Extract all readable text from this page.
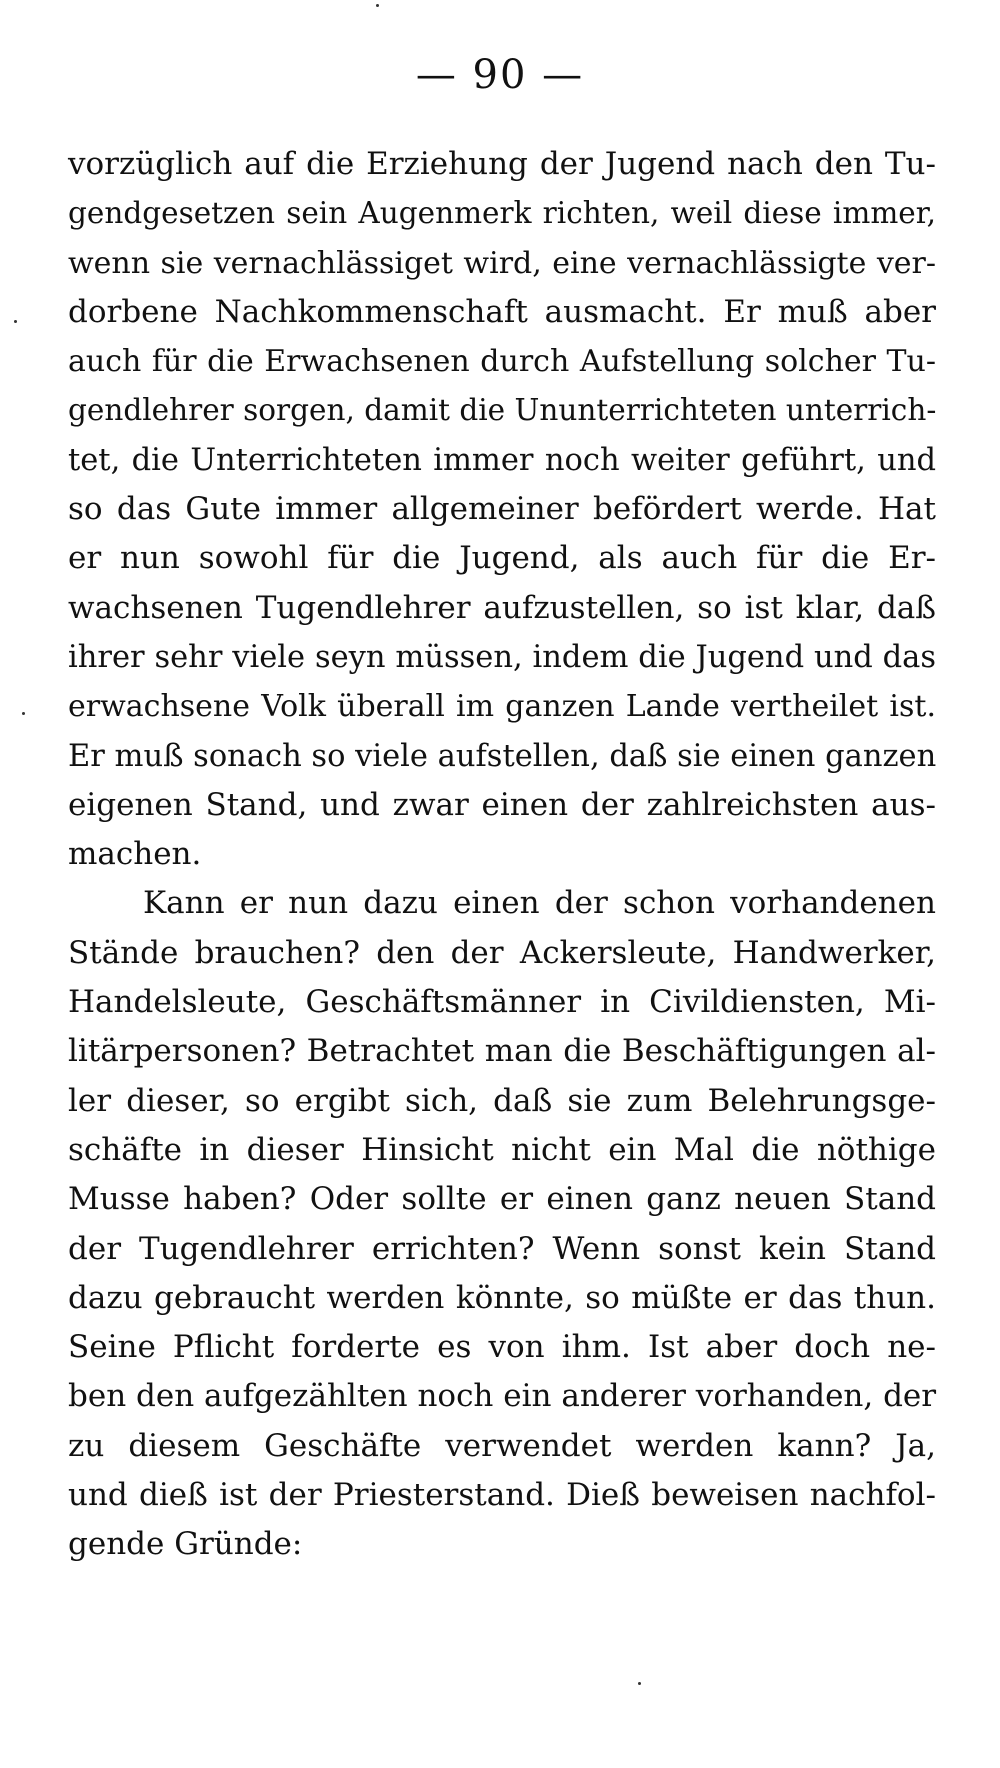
— 90 —
vorzüglich auf die Erziehung der Jugend nach den Tu-
gendgesetzen sein Augenmerk richten, weil diese immer,
wenn sie vernachlässiget wird, eine vernachlässigte ver-
dorbene Nachkommenschaft ausmacht. Er muß aber
auch für die Erwachsenen durch Aufstellung solcher Tu-
gendlehrer sorgen, damit die Ununterrichteten unterrich-
tet, die Unterrichteten immer noch weiter geführt, und
so das Gute immer allgemeiner befördert werde. Hat
er nun sowohl für die Jugend, als auch für die Er-
wachsenen Tugendlehrer aufzustellen, so ist klar, daß
ihrer sehr viele seyn müssen, indem die Jugend und das
erwachsene Volk überall im ganzen Lande vertheilet ist.
Er muß sonach so viele aufstellen, daß sie einen ganzen
eigenen Stand, und zwar einen der zahlreichsten aus-
machen.
Kann er nun dazu einen der schon vorhandenen
Stände brauchen? den der Ackersleute, Handwerker,
Handelsleute, Geschäftsmänner in Civildiensten, Mi-
litärpersonen? Betrachtet man die Beschäftigungen al-
ler dieser, so ergibt sich, daß sie zum Belehrungsge-
schäfte in dieser Hinsicht nicht ein Mal die nöthige
Musse haben? Oder sollte er einen ganz neuen Stand
der Tugendlehrer errichten? Wenn sonst kein Stand
dazu gebraucht werden könnte, so müßte er das thun.
Seine Pflicht forderte es von ihm. Ist aber doch ne-
ben den aufgezählten noch ein anderer vorhanden, der
zu diesem Geschäfte verwendet werden kann? Ja,
und dieß ist der Priesterstand. Dieß beweisen nachfol-
gende Gründe:
